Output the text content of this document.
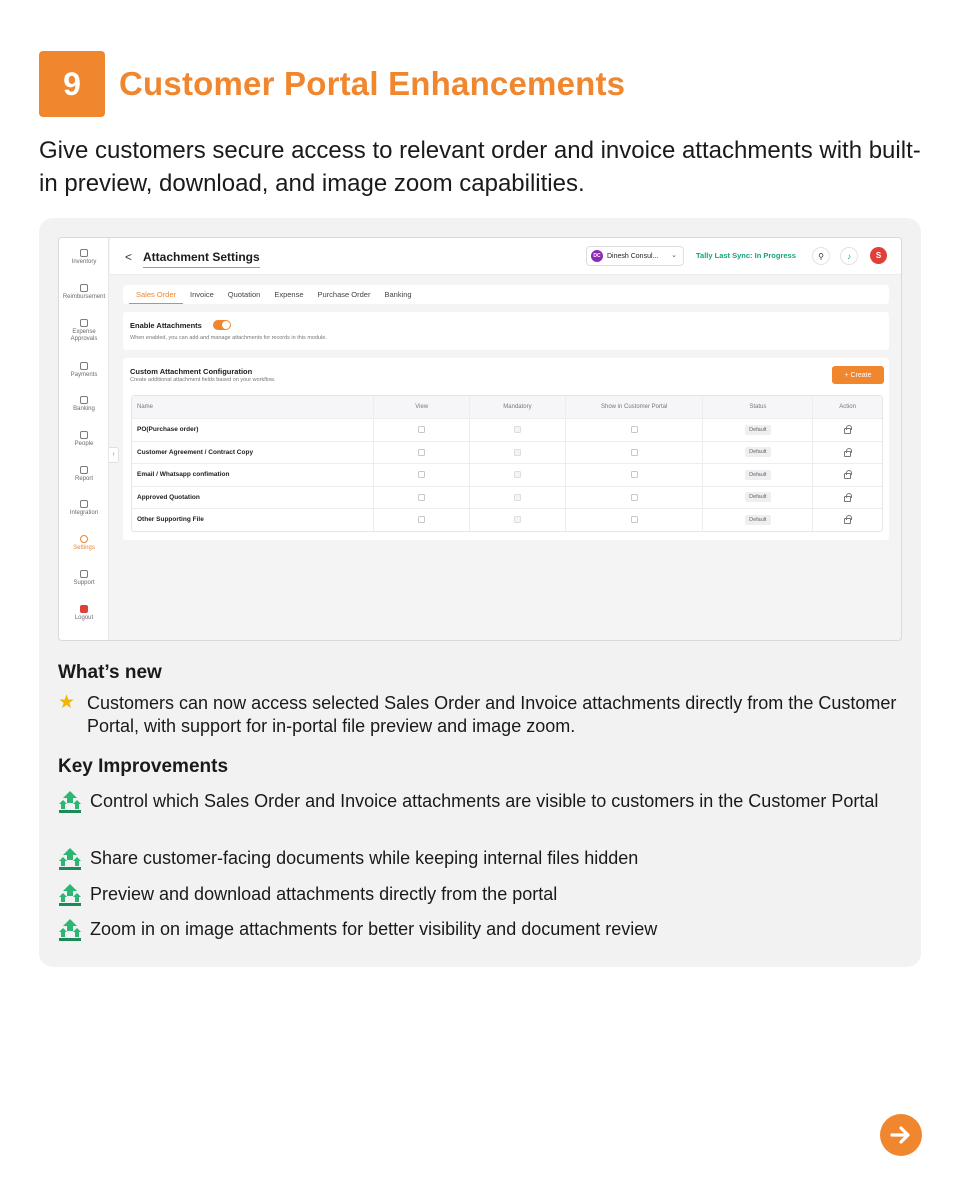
9	Customer Portal Enhancements
Give customers secure access to relevant order and invoice attachments with built-in preview, download, and image zoom capabilities.
Inventory
Reimbursement
Expense Approvals
Payments
Banking
People
Report
Integration
Settings
Support
Logout
›
< Attachment Settings	DC Dinesh Consul... ⌄	Tally Last Sync: In Progress	⚲	♪	S
Sales Order	Invoice	Quotation	Expense	Purchase Order	Banking
Enable Attachments
When enabled, you can add and manage attachments for records in this module.
Custom Attachment Configuration
Create additional attachment fields based on your workflow.
+ Create
Name	View	Mandatory	Show in Customer Portal	Status	Action
PO(Purchase order)	Default
Customer Agreement / Contract Copy	Default
Email / Whatsapp confimation	Default
Approved Quotation	Default
Other Supporting File	Default
What’s new
★ Customers can now access selected Sales Order and Invoice attachments directly from the Customer Portal, with support for in-portal file preview and image zoom.
Key Improvements
Control which Sales Order and Invoice attachments are visible to customers in the Customer Portal
Share customer-facing documents while keeping internal files hidden
Preview and download attachments directly from the portal
Zoom in on image attachments for better visibility and document review
